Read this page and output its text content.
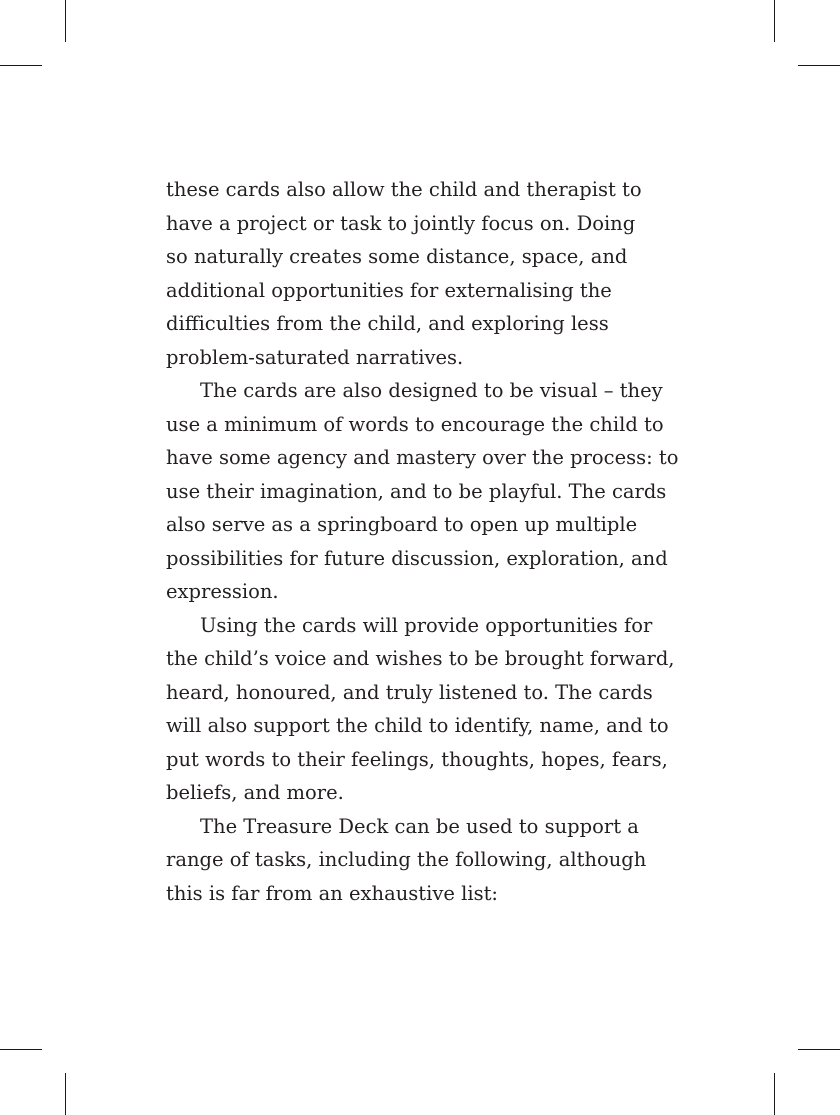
these cards also allow the child and therapist to
have a project or task to jointly focus on. Doing
so naturally creates some distance, space, and
additional opportunities for externalising the
difficulties from the child, and exploring less
problem-saturated narratives.

The cards are also designed to be visual – they
use a minimum of words to encourage the child to
have some agency and mastery over the process: to
use their imagination, and to be playful. The cards
also serve as a springboard to open up multiple
possibilities for future discussion, exploration, and
expression.

Using the cards will provide opportunities for
the child’s voice and wishes to be brought forward,
heard, honoured, and truly listened to. The cards
will also support the child to identify, name, and to
put words to their feelings, thoughts, hopes, fears,
beliefs, and more.

The Treasure Deck can be used to support a
range of tasks, including the following, although
this is far from an exhaustive list:
